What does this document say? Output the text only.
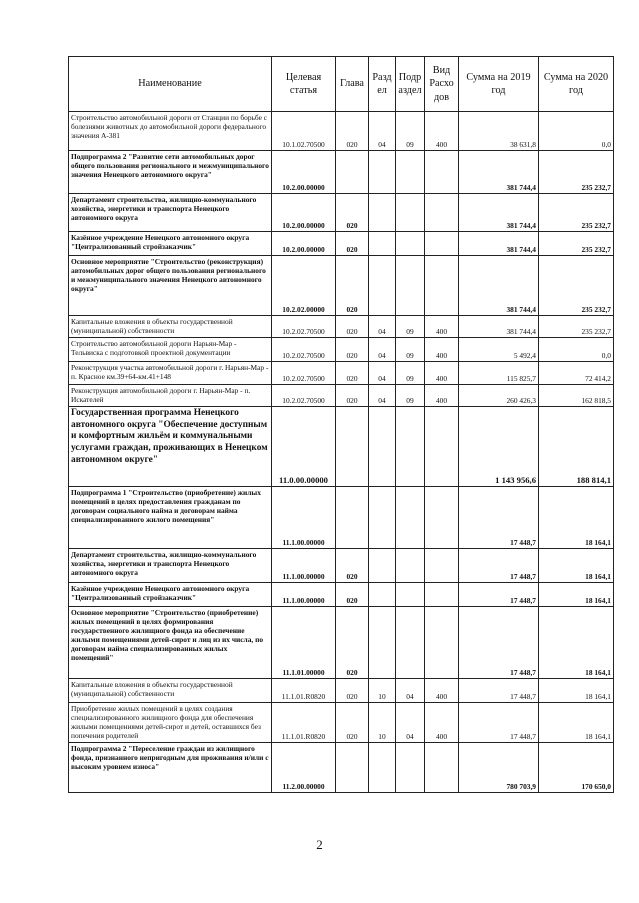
Наименование	Целевая статья	Глава	Разд ел	Подр аздел	Вид Расхо дов	Сумма на 2019 год	Сумма на 2020 год
Строительство автомобильной дороги от Станции по борьбе с болезнями животных до автомобильной дороги федерального значения А-381	10.1.02.70500	020	04	09	400	38 631,8	0,0
Подпрограмма 2 "Развитие сети автомобильных дорог общего пользования регионального и межмуниципального значения Ненецкого автономного округа"	10.2.00.00000					381 744,4	235 232,7
Департамент строительства, жилищно-коммунального хозяйства, энергетики и транспорта Ненецкого автономного округа	10.2.00.00000	020				381 744,4	235 232,7
Казённое учреждение Ненецкого автономного округа "Централизованный стройзаказчик"	10.2.00.00000	020				381 744,4	235 232,7
Основное мероприятие "Строительство (реконструкция) автомобильных дорог общего пользования регионального и межмуниципального значения Ненецкого автономного округа"	10.2.02.00000	020				381 744,4	235 232,7
Капитальные вложения в объекты государственной (муниципальной) собственности	10.2.02.70500	020	04	09	400	381 744,4	235 232,7
Строительство автомобильной дороги Нарьян-Мар - Тельвиска с подготовкой проектной документации	10.2.02.70500	020	04	09	400	5 492,4	0,0
Реконструкция участка автомобильной дороги г. Нарьян-Мар - п. Красное км.39+64-км.41+148	10.2.02.70500	020	04	09	400	115 825,7	72 414,2
Реконструкция автомобильной дороги г. Нарьян-Мар - п. Искателей	10.2.02.70500	020	04	09	400	260 426,3	162 818,5
Государственная программа Ненецкого автономного округа "Обеспечение доступным и комфортным жильём и коммунальными услугами граждан, проживающих в Ненецком автономном округе"	11.0.00.00000					1 143 956,6	188 814,1
Подпрограмма 1 "Строительство (приобретение) жилых помещений в целях предоставления гражданам по договорам социального найма и договорам найма специализированного жилого помещения"	11.1.00.00000					17 448,7	18 164,1
Департамент строительства, жилищно-коммунального хозяйства, энергетики и транспорта Ненецкого автономного округа	11.1.00.00000	020				17 448,7	18 164,1
Казённое учреждение Ненецкого автономного округа "Централизованный стройзаказчик"	11.1.00.00000	020				17 448,7	18 164,1
Основное мероприятие "Строительство (приобретение) жилых помещений в целях формирования государственного жилищного фонда на обеспечение жилыми помещениями детей-сирот и лиц из их числа, по договорам найма специализированных жилых помещений"	11.1.01.00000	020				17 448,7	18 164,1
Капитальные вложения в объекты государственной (муниципальной) собственности	11.1.01.R0820	020	10	04	400	17 448,7	18 164,1
Приобретение жилых помещений в целях создания специализированного жилищного фонда для обеспечения жилыми помещениями детей-сирот и детей, оставшихся без попечения родителей	11.1.01.R0820	020	10	04	400	17 448,7	18 164,1
Подпрограмма 2 "Переселение граждан из жилищного фонда, признанного непригодным для проживания и/или с высоким уровнем износа"	11.2.00.00000					780 703,9	170 650,0
2
